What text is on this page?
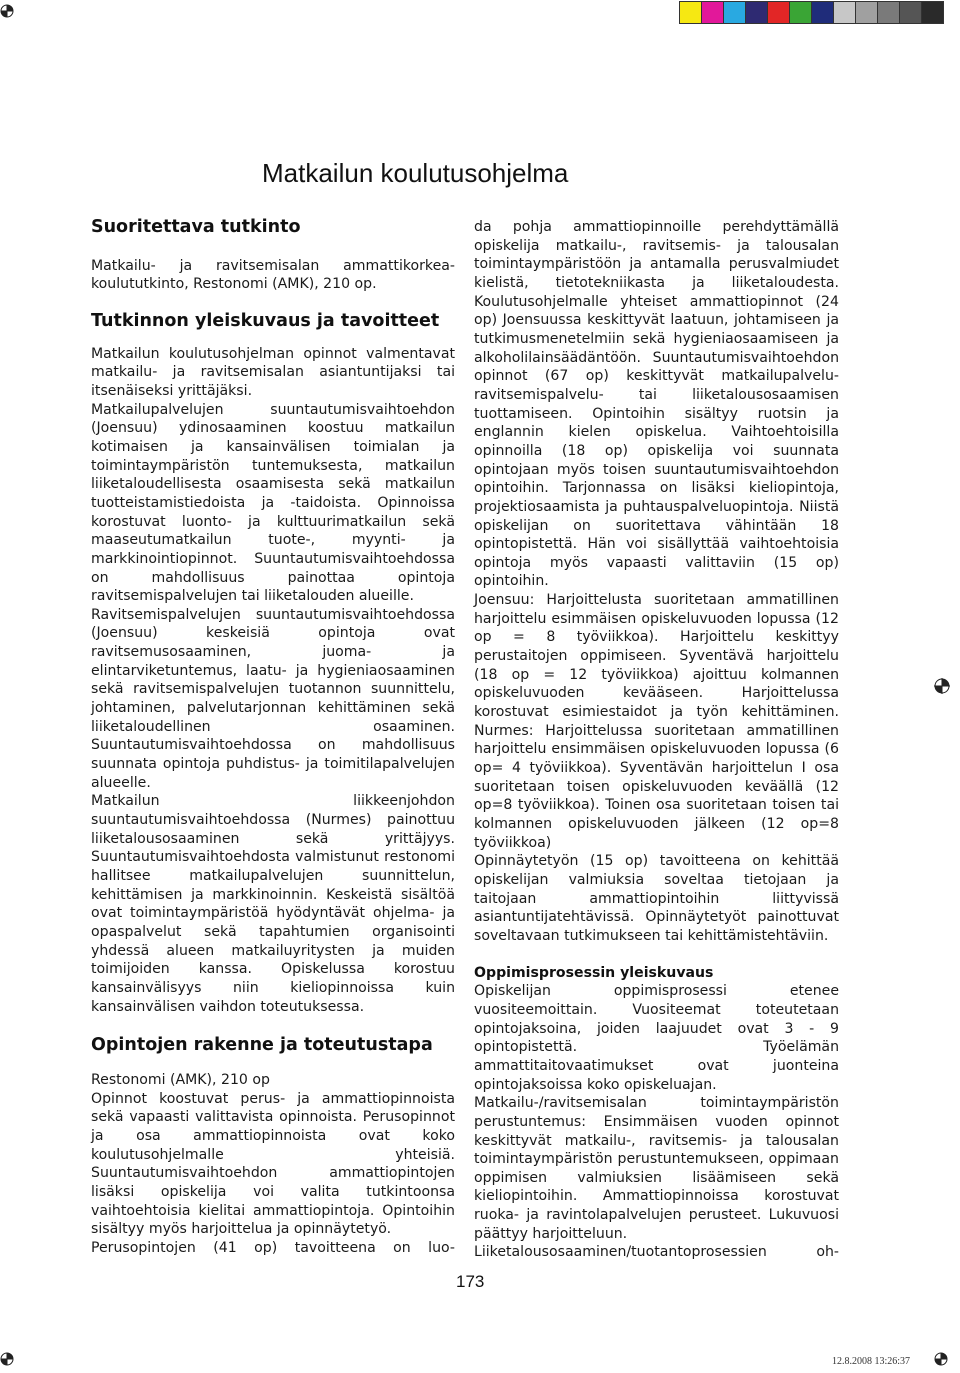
Matkailun koulutusohjelma
Suoritettava tutkinto

Matkailu- ja ravitsemisalan ammattikorkea-koulututkinto, Restonomi (AMK), 210 op.

Tutkinnon yleiskuvaus ja tavoitteet

Matkailun koulutusohjelman opinnot valmentavat matkailu- ja ravitsemisalan asiantuntijaksi tai itsenäiseksi yrittäjäksi.

Matkailupalvelujen suuntautumisvaihtoehdon (Joensuu) ydinosaaminen koostuu matkailun kotimaisen ja kansainvälisen toimialan ja toimintaympäristön tuntemuksesta, matkailun liiketaloudellisesta osaamisesta sekä matkailun tuotteistamistiedoista ja -taidoista. Opinnoissa korostuvat luonto- ja kulttuurimatkailun sekä maaseutumatkailun tuote-, myynti- ja markkinointiopinnot. Suuntautumisvaihtoehdossa on mahdollisuus painottaa opintoja ravitsemispalvelujen tai liiketalouden alueille.

Ravitsemispalvelujen suuntautumisvaihtoehdossa (Joensuu) keskeisiä opintoja ovat ravitsemusosaaminen, juoma- ja elintarviketuntemus, laatu- ja hygieniaosaaminen sekä ravitsemispalvelujen tuotannon suunnittelu, johtaminen, palvelutarjonnan kehittäminen sekä liiketaloudellinen osaaminen. Suuntautumisvaihtoehdossa on mahdollisuus suunnata opintoja puhdistus- ja toimitilapalvelujen alueelle.

Matkailun liikkeenjohdon suuntautumisvaihtoehdossa (Nurmes) painottuu liiketalousosaaminen sekä yrittäjyys. Suuntautumisvaihtoehdosta valmistunut restonomi hallitsee matkailupalvelujen suunnittelun, kehittämisen ja markkinoinnin. Keskeistä sisältöä ovat toimintaympäristöä hyödyntävät ohjelma- ja opaspalvelut sekä tapahtumien organisointi yhdessä alueen matkailuyritysten ja muiden toimijoiden kanssa. Opiskelussa korostuu kansainvälisyys niin kieliopinnoissa kuin kansainvälisen vaihdon toteutuksessa.

Opintojen rakenne ja toteutustapa

Restonomi (AMK), 210 op

Opinnot koostuvat perus- ja ammattiopinnoista sekä vapaasti valittavista opinnoista. Perusopinnot ja osa ammattiopinnoista ovat koko koulutusohjelmalle yhteisiä. Suuntautumisvaihtoehdon ammattiopintojen lisäksi opiskelija voi valita tutkintoonsa vaihtoehtoisia kielitai ammattiopintoja. Opintoihin sisältyy myös harjoittelua ja opinnäytetyö.

Perusopintojen (41 op) tavoitteena on luo-

da pohja ammattiopinnoille perehdyttämällä opiskelija matkailu-, ravitsemis- ja talousalan toimintaympäristöön ja antamalla perusvalmiudet kielistä, tietotekniikasta ja liiketaloudesta. Koulutusohjelmalle yhteiset ammattiopinnot (24 op) Joensuussa keskittyvät laatuun, johtamiseen ja tutkimusmenetelmiin sekä hygieniaosaamiseen ja alkoholilainsäädäntöön. Suuntautumisvaihtoehdon opinnot (67 op) keskittyvät matkailupalvelu- ravitsemispalvelu- tai liiketalousosaamisen tuottamiseen. Opintoihin sisältyy ruotsin ja englannin kielen opiskelua. Vaihtoehtoisilla opinnoilla (18 op) opiskelija voi suunnata opintojaan myös toisen suuntautumisvaihtoehdon opintoihin. Tarjonnassa on lisäksi kieliopintoja, projektiosaamista ja puhtauspalveluopintoja. Niistä opiskelijan on suoritettava vähintään 18 opintopistettä. Hän voi sisällyttää vaihtoehtoisia opintoja myös vapaasti valittaviin (15 op) opintoihin.

Joensuu: Harjoittelusta suoritetaan ammatillinen harjoittelu esimmäisen opiskeluvuoden lopussa (12 op = 8 työviikkoa). Harjoittelu keskittyy perustaitojen oppimiseen. Syventävä harjoittelu (18 op = 12 työviikkoa) ajoittuu kolmannen opiskeluvuoden kevääseen. Harjoittelussa korostuvat esimiestaidot ja työn kehittäminen. Nurmes: Harjoittelussa suoritetaan ammatillinen harjoittelu ensimmäisen opiskeluvuoden lopussa (6 op= 4 työviikkoa). Syventävän harjoittelun I osa suoritetaan toisen opiskeluvuoden keväällä (12 op=8 työviikkoa). Toinen osa suoritetaan toisen tai kolmannen opiskeluvuoden jälkeen (12 op=8 työviikkoa)

Opinnäytetyön (15 op) tavoitteena on kehittää opiskelijan valmiuksia soveltaa tietojaan ja taitojaan ammattiopintoihin liittyvissä asiantuntijatehtävissä. Opinnäytetyöt painottuvat soveltavaan tutkimukseen tai kehittämistehtäviin.

Oppimisprosessin yleiskuvaus

Opiskelijan oppimisprosessi etenee vuositeemoittain. Vuositeemat toteutetaan opintojaksoina, joiden laajuudet ovat 3 - 9 opintopistettä. Työelämän ammattitaitovaatimukset ovat juonteina opintojaksoissa koko opiskeluajan.

Matkailu-/ravitsemisalan toimintaympäristön perustuntemus: Ensimmäisen vuoden opinnot keskittyvät matkailu-, ravitsemis- ja talousalan toimintaympäristön perustuntemukseen, oppimaan oppimisen valmiuksien lisäämiseen sekä kieliopintoihin. Ammattiopinnoissa korostuvat ruoka- ja ravintolapalvelujen perusteet. Lukuvuosi päättyy harjoitteluun.

Liiketalousosaaminen/tuotantoprosessien oh-

173
12.8.2008 13:26:37
